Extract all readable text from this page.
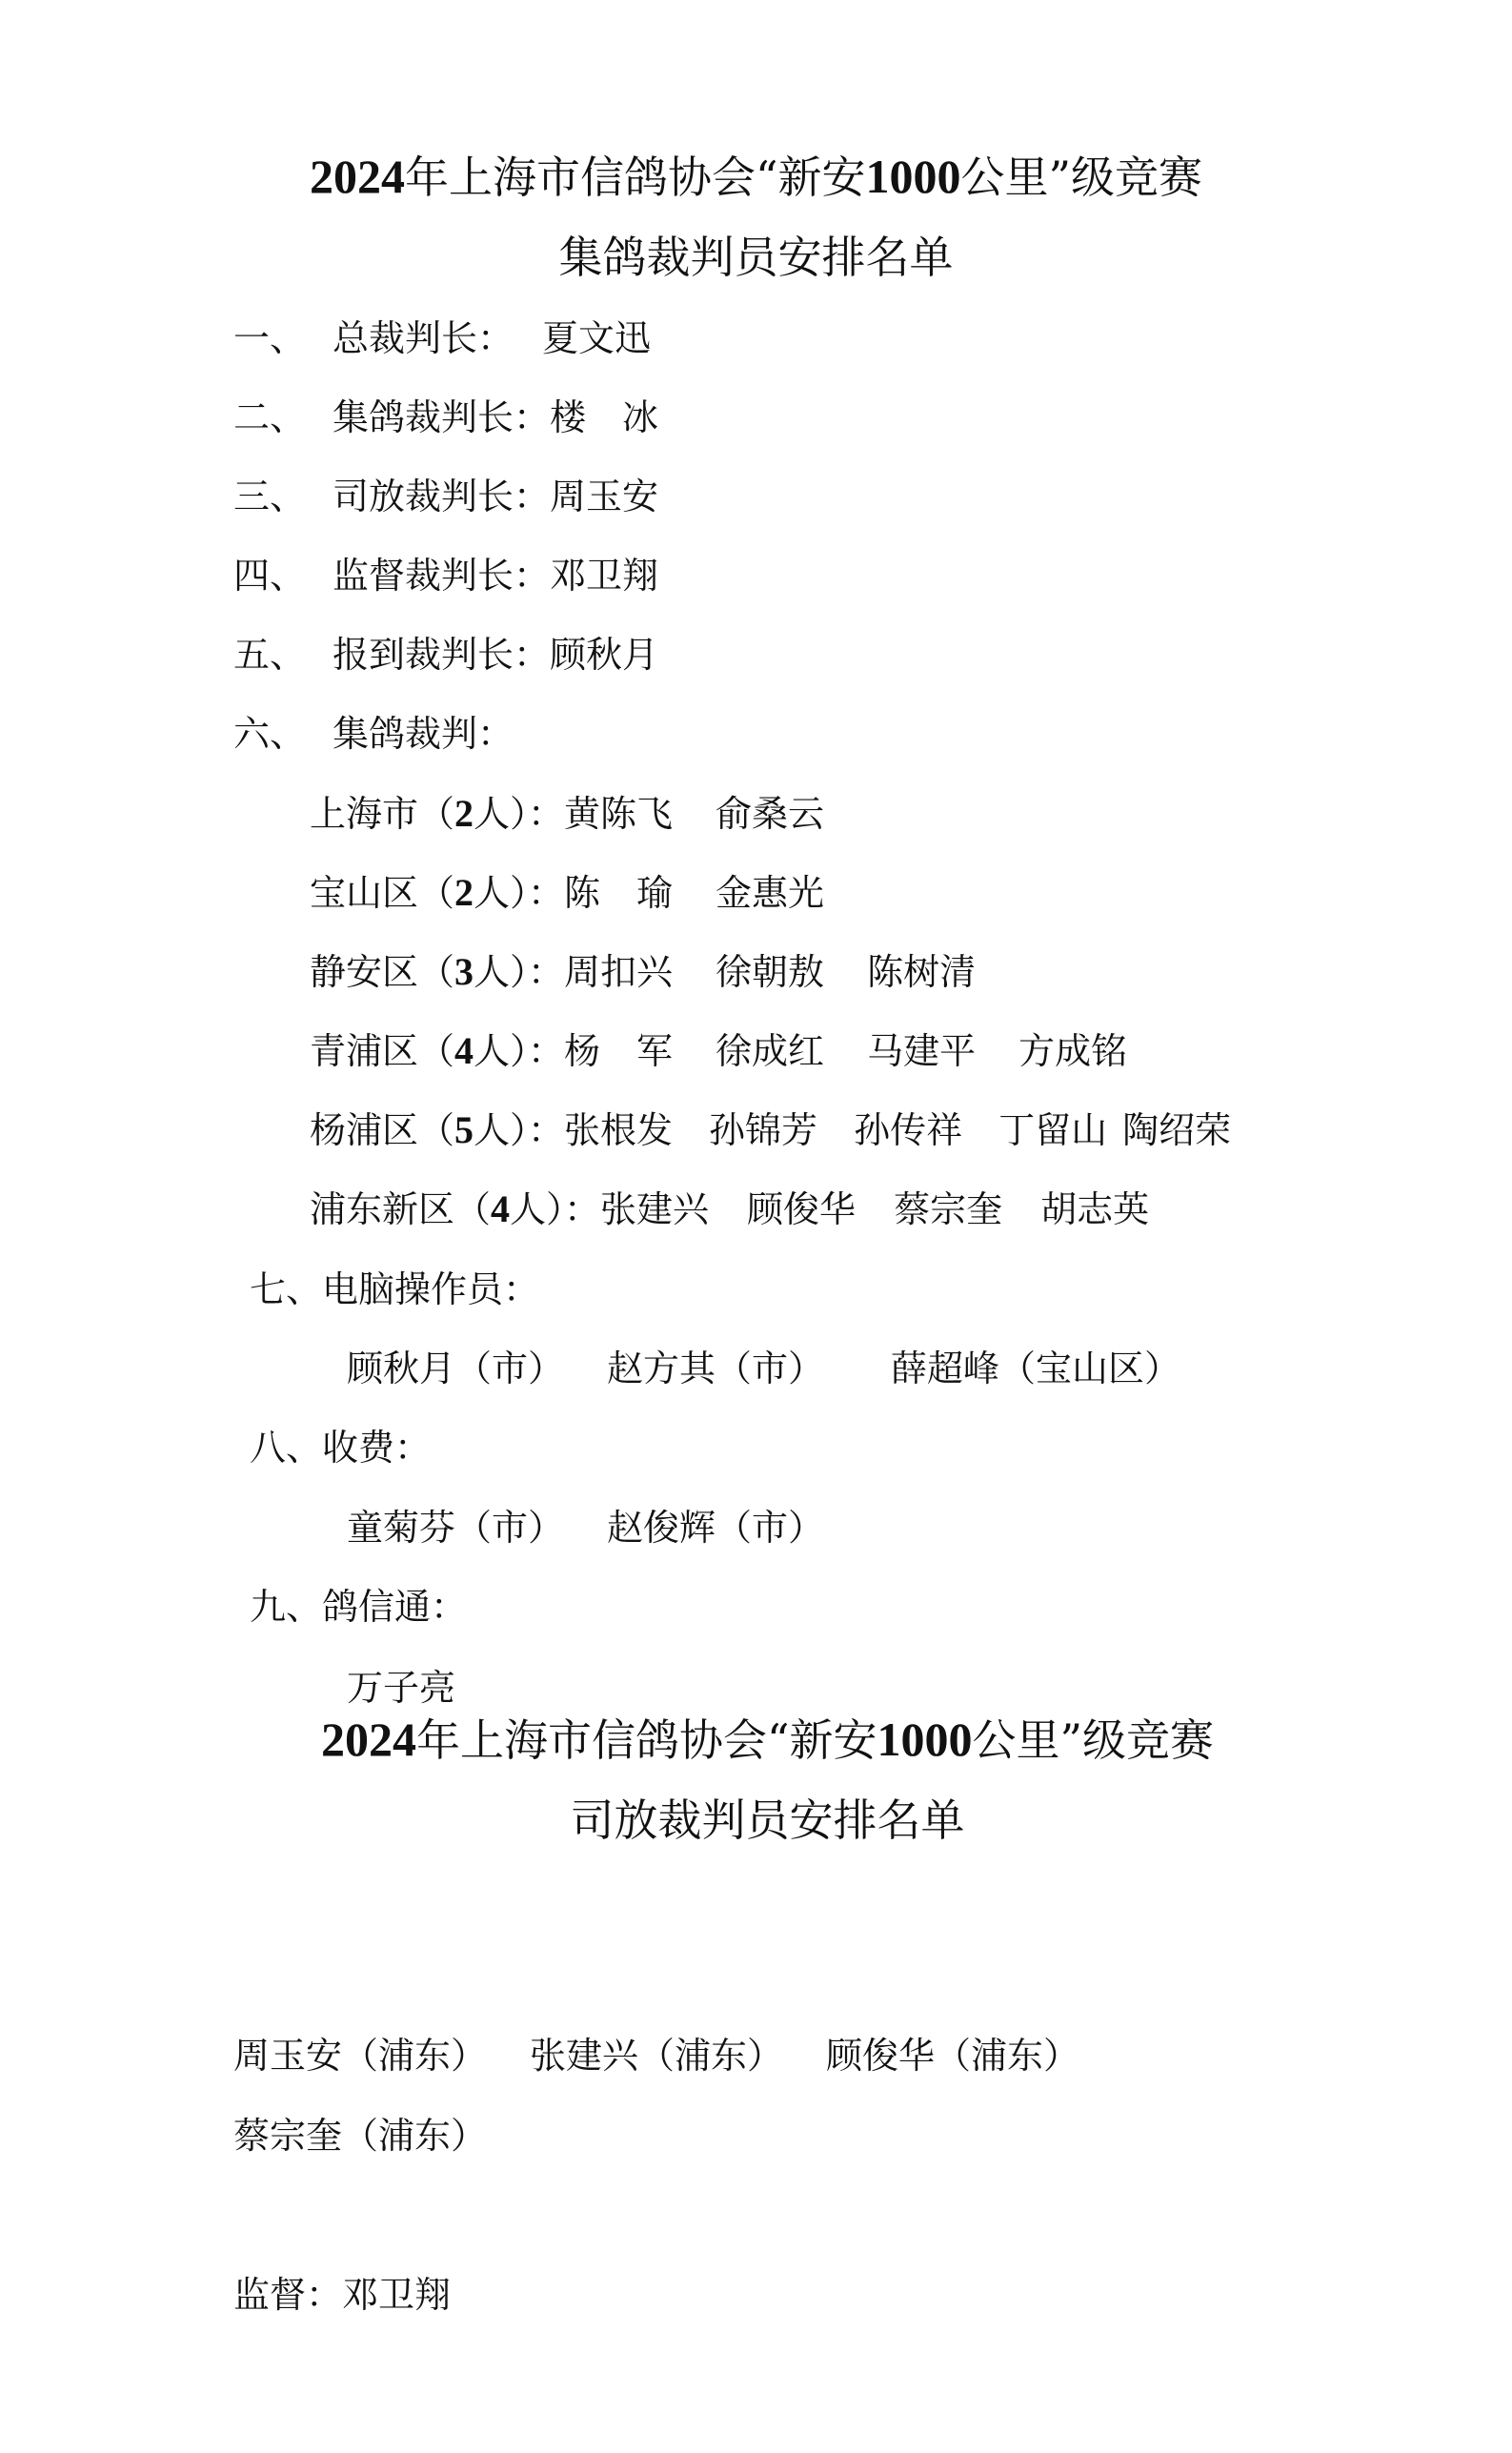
2024年上海市信鸽协会“新安1000公里”级竞赛
集鸽裁判员安排名单
一、 总裁判长： 夏文迅
二、 集鸽裁判长：楼　冰
三、 司放裁判长：周玉安
四、 监督裁判长：邓卫翔
五、 报到裁判长：顾秋月
六、 集鸽裁判：
上海市（2人）：黄陈飞 俞桑云
宝山区（2人）：陈　瑜 金惠光
静安区（3人）：周扣兴 徐朝敖 陈树清
青浦区（4人）：杨　军 徐成红 马建平 方成铭
杨浦区（5人）：张根发 孙锦芳 孙传祥 丁留山 陶绍荣
浦东新区（4人）：张建兴 顾俊华 蔡宗奎 胡志英
七、电脑操作员：
顾秋月（市） 赵方其（市） 薛超峰（宝山区）
八、收费：
童菊芬（市） 赵俊辉（市）
九、鸽信通：
万子亮
2024年上海市信鸽协会“新安1000公里”级竞赛
司放裁判员安排名单
周玉安（浦东） 张建兴（浦东） 顾俊华（浦东）
蔡宗奎（浦东）
监督：邓卫翔
